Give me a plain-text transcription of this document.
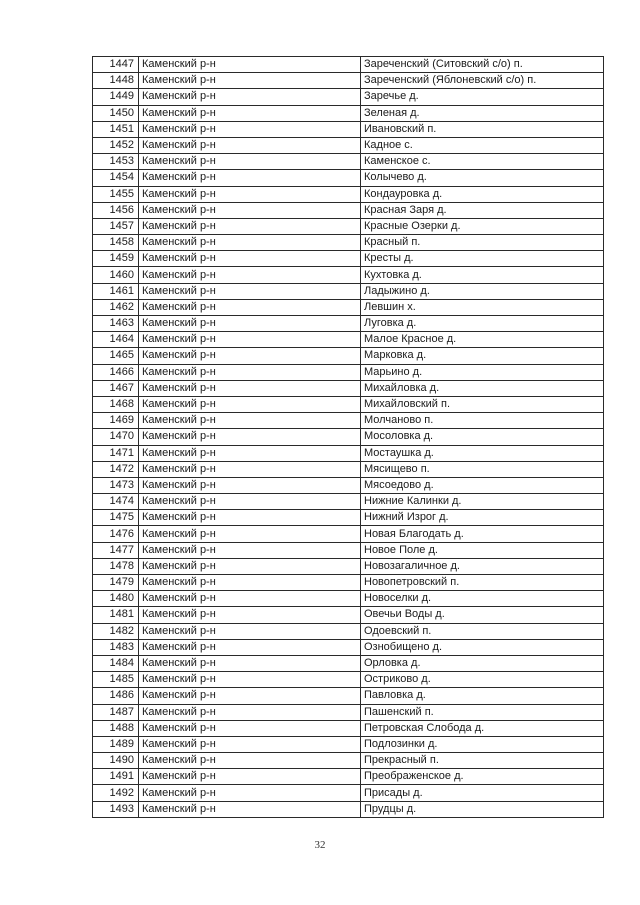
1447	Каменский р-н	Зареченский (Ситовский с/о) п.
1448	Каменский р-н	Зареченский (Яблоневский с/о) п.
1449	Каменский р-н	Заречье д.
1450	Каменский р-н	Зеленая д.
1451	Каменский р-н	Ивановский п.
1452	Каменский р-н	Кадное с.
1453	Каменский р-н	Каменское с.
1454	Каменский р-н	Колычево д.
1455	Каменский р-н	Кондауровка д.
1456	Каменский р-н	Красная Заря д.
1457	Каменский р-н	Красные Озерки д.
1458	Каменский р-н	Красный п.
1459	Каменский р-н	Кресты д.
1460	Каменский р-н	Кухтовка д.
1461	Каменский р-н	Ладыжино д.
1462	Каменский р-н	Левшин х.
1463	Каменский р-н	Луговка д.
1464	Каменский р-н	Малое Красное д.
1465	Каменский р-н	Марковка д.
1466	Каменский р-н	Марьино д.
1467	Каменский р-н	Михайловка д.
1468	Каменский р-н	Михайловский п.
1469	Каменский р-н	Молчаново п.
1470	Каменский р-н	Мосоловка д.
1471	Каменский р-н	Мостаушка д.
1472	Каменский р-н	Мясищево п.
1473	Каменский р-н	Мясоедово д.
1474	Каменский р-н	Нижние Калинки д.
1475	Каменский р-н	Нижний Изрог д.
1476	Каменский р-н	Новая Благодать д.
1477	Каменский р-н	Новое Поле д.
1478	Каменский р-н	Новозагаличное д.
1479	Каменский р-н	Новопетровский п.
1480	Каменский р-н	Новоселки д.
1481	Каменский р-н	Овечьи Воды д.
1482	Каменский р-н	Одоевский п.
1483	Каменский р-н	Ознобищено д.
1484	Каменский р-н	Орловка д.
1485	Каменский р-н	Остриково д.
1486	Каменский р-н	Павловка д.
1487	Каменский р-н	Пашенский п.
1488	Каменский р-н	Петровская Слобода д.
1489	Каменский р-н	Подлозинки д.
1490	Каменский р-н	Прекрасный п.
1491	Каменский р-н	Преображенское д.
1492	Каменский р-н	Присады д.
1493	Каменский р-н	Прудцы д.
32
